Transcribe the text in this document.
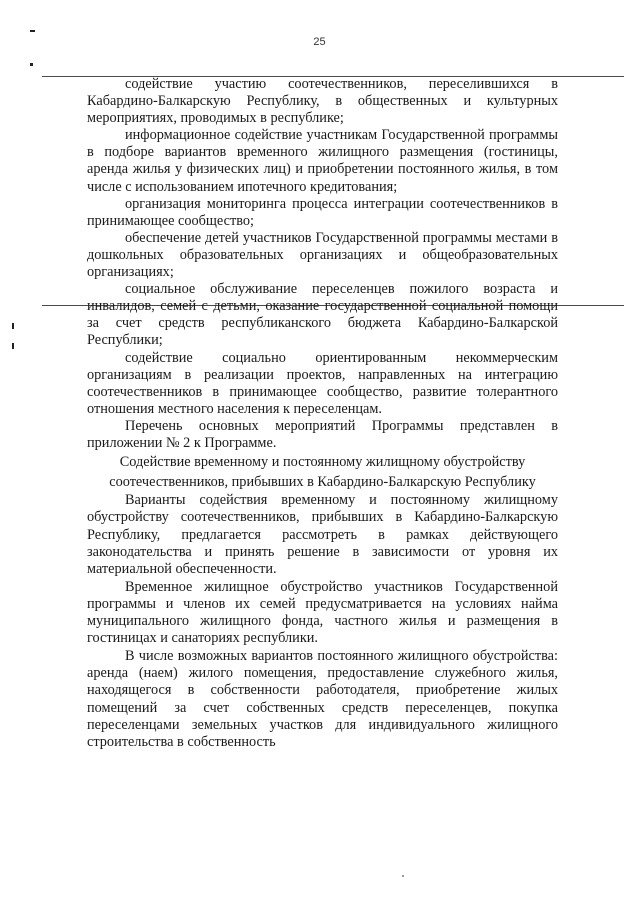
25

содействие участию соотечественников, переселившихся в Кабардино-Балкарскую Республику, в общественных и культурных мероприятиях, проводимых в республике;

информационное содействие участникам Государственной программы в подборе вариантов временного жилищного размещения (гостиницы, аренда жилья у физических лиц) и приобретении постоянного жилья, в том числе с использованием ипотечного кредитования;

организация мониторинга процесса интеграции соотечественников в принимающее сообщество;

обеспечение детей участников Государственной программы местами в дошкольных образовательных организациях и общеобразовательных организациях;

социальное обслуживание переселенцев пожилого возраста и инвалидов, семей с детьми, оказание государственной социальной помощи за счет средств республиканского бюджета Кабардино-Балкарской Республики;

содействие социально ориентированным некоммерческим организациям в реализации проектов, направленных на интеграцию соотечественников в принимающее сообщество, развитие толерантного отношения местного населения к переселенцам.

Перечень основных мероприятий Программы представлен в приложении № 2 к Программе.

Содействие временному и постоянному жилищному обустройству соотечественников, прибывших в Кабардино-Балкарскую Республику

Варианты содействия временному и постоянному жилищному обустройству соотечественников, прибывших в Кабардино-Балкарскую Республику, предлагается рассмотреть в рамках действующего законодательства и принять решение в зависимости от уровня их материальной обеспеченности.

Временное жилищное обустройство участников Государственной программы и членов их семей предусматривается на условиях найма муниципального жилищного фонда, частного жилья и размещения в гостиницах и санаториях республики.

В числе возможных вариантов постоянного жилищного обустройства: аренда (наем) жилого помещения, предоставление служебного жилья, находящегося в собственности работодателя, приобретение жилых помещений за счет собственных средств переселенцев, покупка переселенцами земельных участков для индивидуального жилищного строительства в собственность
